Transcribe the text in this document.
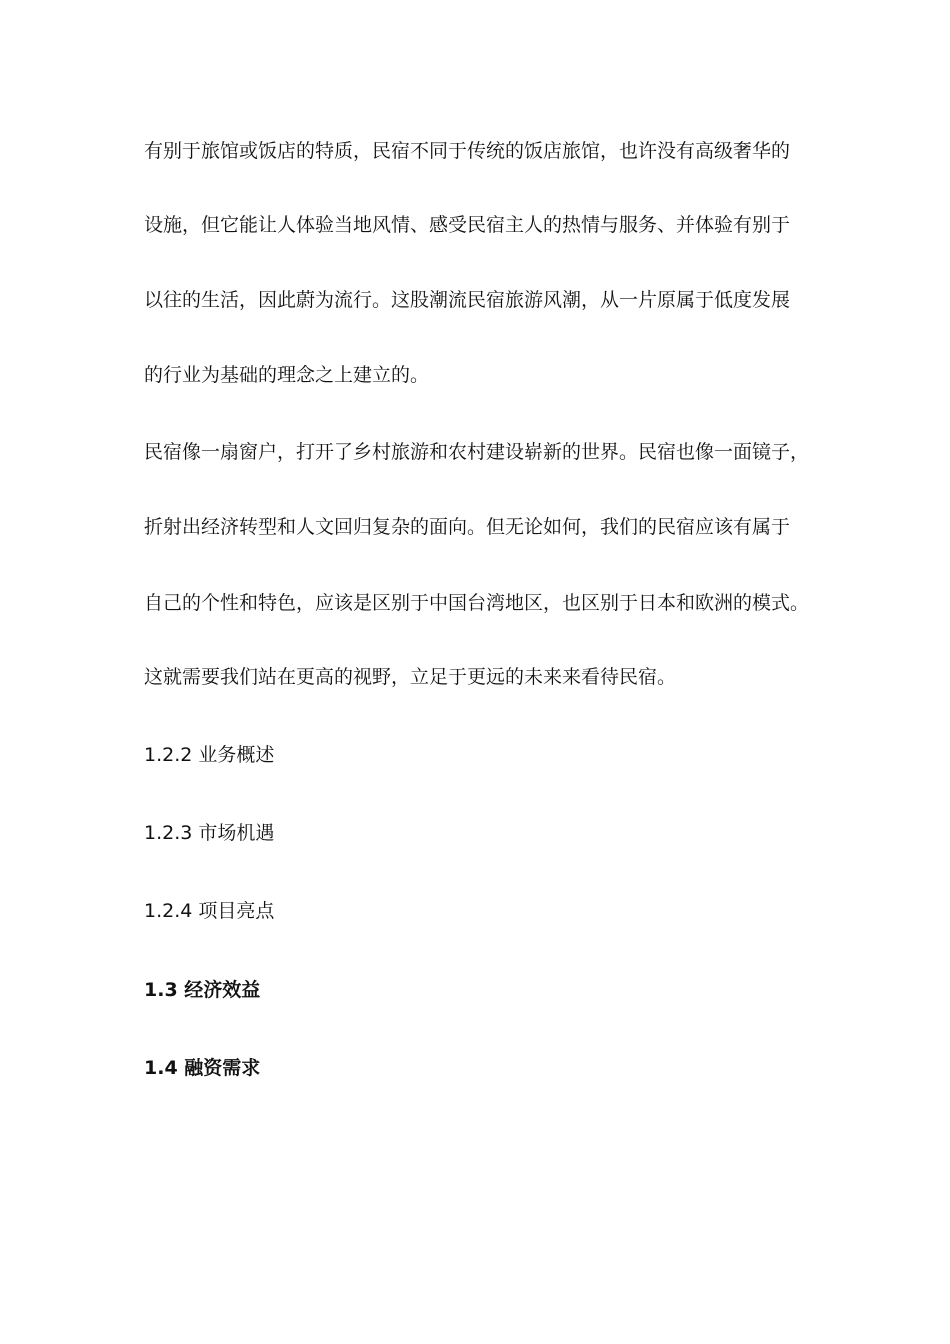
有别于旅馆或饭店的特质，民宿不同于传统的饭店旅馆，也许没有高级奢华的
设施，但它能让人体验当地风情、感受民宿主人的热情与服务、并体验有别于
以往的生活，因此蔚为流行。这股潮流民宿旅游风潮，从一片原属于低度发展
的行业为基础的理念之上建立的。
民宿像一扇窗户，打开了乡村旅游和农村建设崭新的世界。民宿也像一面镜子，
折射出经济转型和人文回归复杂的面向。但无论如何，我们的民宿应该有属于
自己的个性和特色，应该是区别于中国台湾地区，也区别于日本和欧洲的模式。
这就需要我们站在更高的视野，立足于更远的未来来看待民宿。
1.2.2 业务概述
1.2.3 市场机遇
1.2.4 项目亮点
1.3 经济效益
1.4 融资需求
